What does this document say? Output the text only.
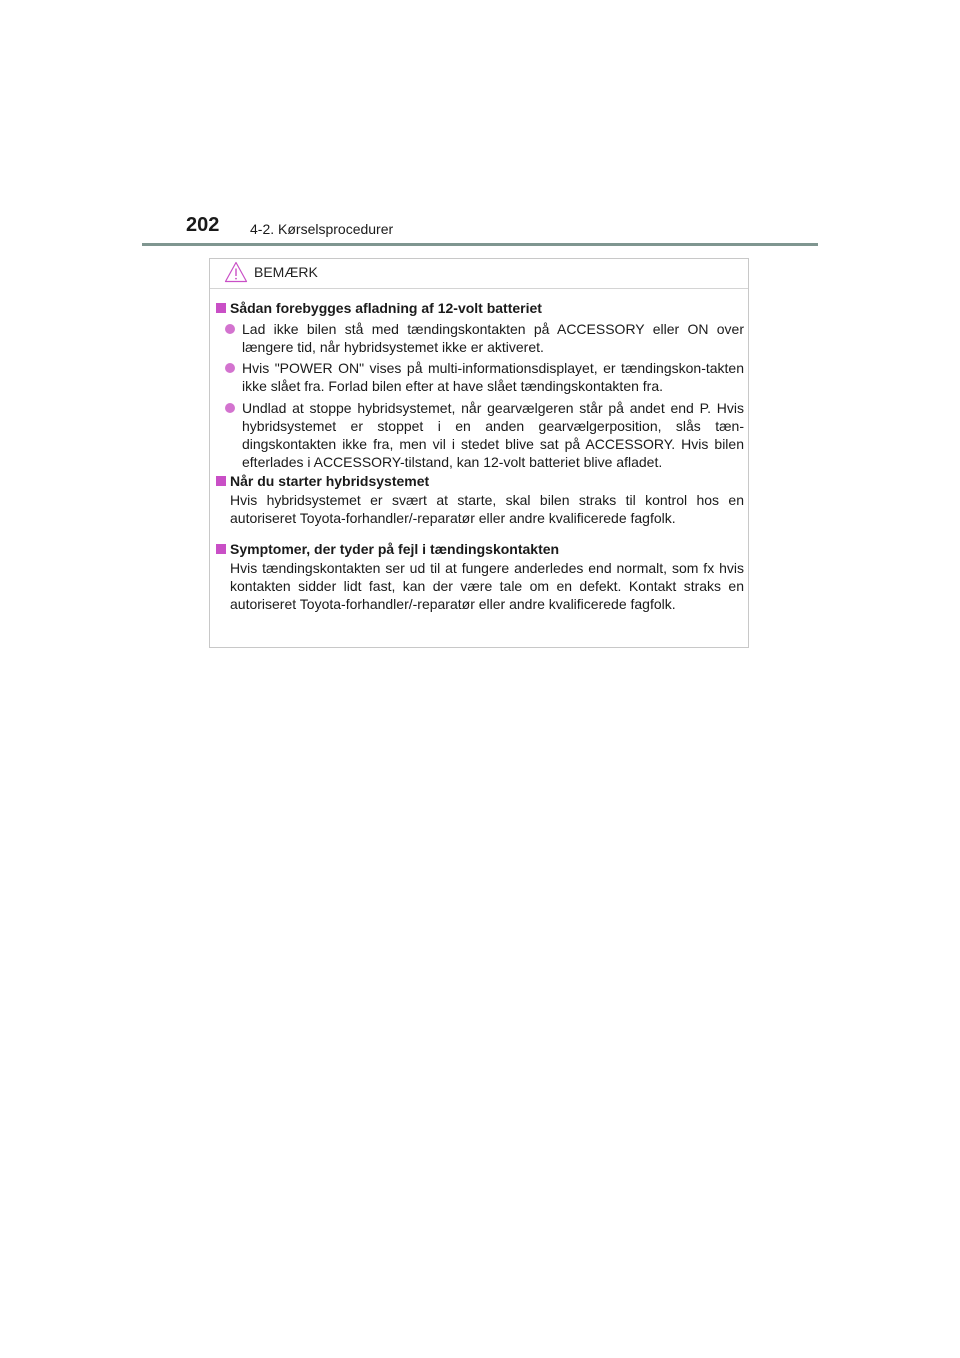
202 4-2. Kørselsprocedurer
BEMÆRK
Sådan forebygges afladning af 12-volt batteriet
Lad ikke bilen stå med tændingskontakten på ACCESSORY eller ON over længere tid, når hybridsystemet ikke er aktiveret.
Hvis "POWER ON" vises på multi-informationsdisplayet, er tændingskon-takten ikke slået fra. Forlad bilen efter at have slået tændingskontakten fra.
Undlad at stoppe hybridsystemet, når gearvælgeren står på andet end P. Hvis hybridsystemet er stoppet i en anden gearvælgerposition, slås tæn-dingskontakten ikke fra, men vil i stedet blive sat på ACCESSORY. Hvis bilen efterlades i ACCESSORY-tilstand, kan 12-volt batteriet blive afladet.
Når du starter hybridsystemet
Hvis hybridsystemet er svært at starte, skal bilen straks til kontrol hos en autoriseret Toyota-forhandler/-reparatør eller andre kvalificerede fagfolk.
Symptomer, der tyder på fejl i tændingskontakten
Hvis tændingskontakten ser ud til at fungere anderledes end normalt, som fx hvis kontakten sidder lidt fast, kan der være tale om en defekt. Kontakt straks en autoriseret Toyota-forhandler/-reparatør eller andre kvalificerede fagfolk.
